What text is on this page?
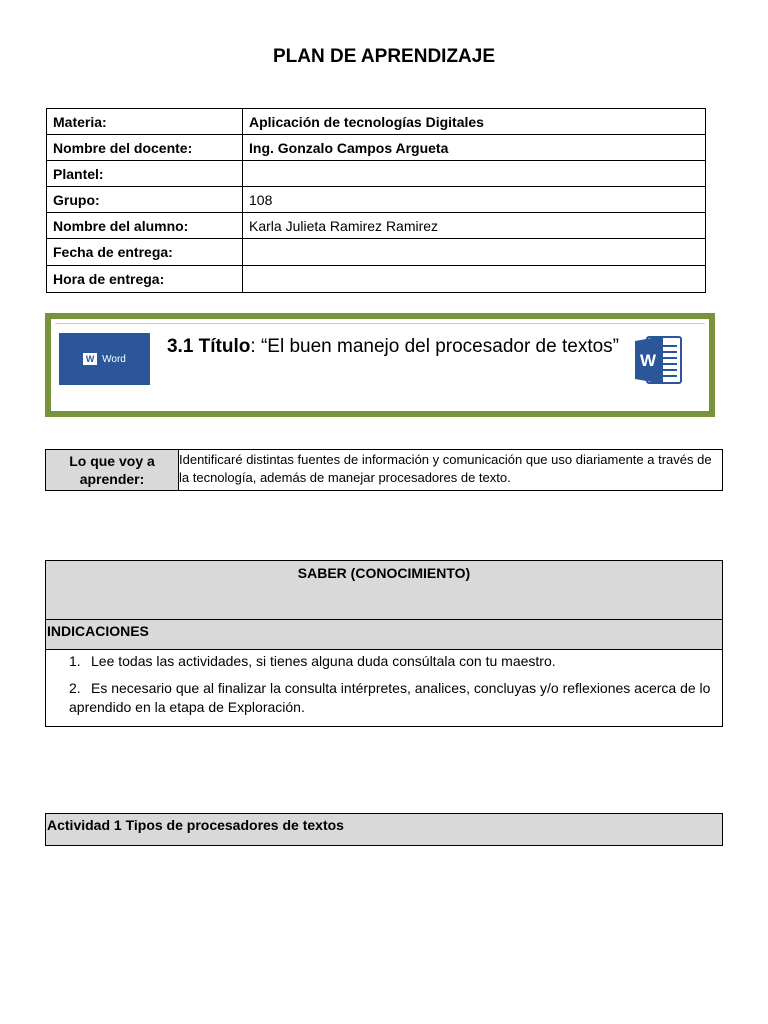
PLAN DE APRENDIZAJE
Materia:	Aplicación de tecnologías Digitales
Nombre del docente:	Ing. Gonzalo Campos Argueta
Plantel:	
Grupo:	108
Nombre del alumno:	Karla Julieta Ramirez Ramirez
Fecha de entrega:	
Hora de entrega:	
W Word
3.1 Título: “El buen manejo del procesador de textos”
W
Lo que voy a aprender:	Identificaré distintas fuentes de información y comunicación que uso diariamente a través de la tecnología, además de manejar procesadores de texto.
SABER (CONOCIMIENTO)
INDICACIONES
1. Lee todas las actividades, si tienes alguna duda consúltala con tu maestro.
2. Es necesario que al finalizar la consulta intérpretes, analices, concluyas y/o reflexiones acerca de lo aprendido en la etapa de Exploración.
Actividad 1 Tipos de procesadores de textos
